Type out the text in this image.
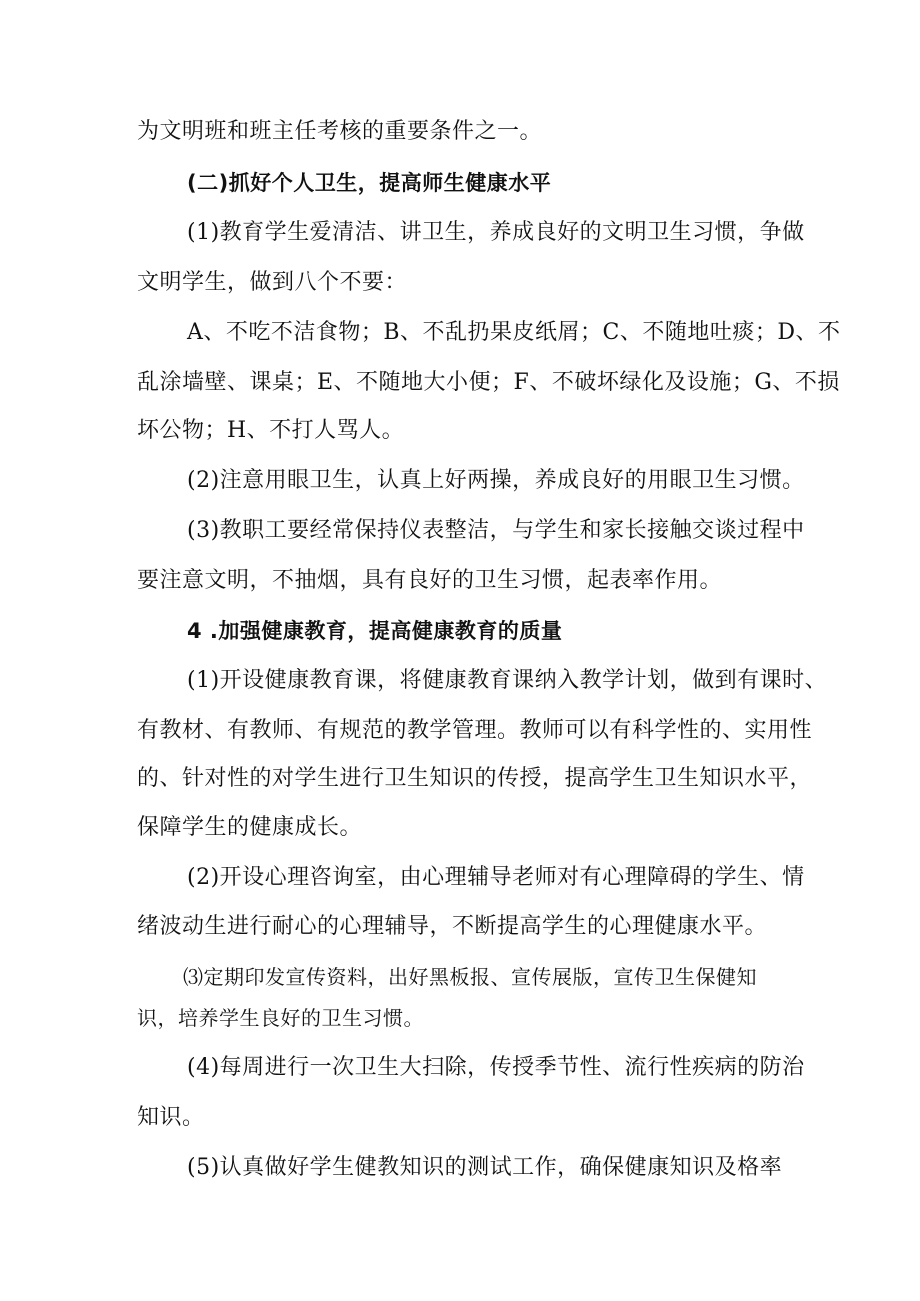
为文明班和班主任考核的重要条件之一。
(二)抓好个人卫生，提高师生健康水平
(1)教育学生爱清洁、讲卫生，养成良好的文明卫生习惯，争做
文明学生，做到八个不要：
A、不吃不洁食物；B、不乱扔果皮纸屑；C、不随地吐痰；D、不
乱涂墙壁、课桌；E、不随地大小便；F、不破坏绿化及设施；G、不损
坏公物；H、不打人骂人。
(2)注意用眼卫生，认真上好两操，养成良好的用眼卫生习惯。
(3)教职工要经常保持仪表整洁，与学生和家长接触交谈过程中
要注意文明，不抽烟，具有良好的卫生习惯，起表率作用。
4 .加强健康教育，提高健康教育的质量
(1)开设健康教育课，将健康教育课纳入教学计划，做到有课时、
有教材、有教师、有规范的教学管理。教师可以有科学性的、实用性
的、针对性的对学生进行卫生知识的传授，提高学生卫生知识水平，
保障学生的健康成长。
(2)开设心理咨询室，由心理辅导老师对有心理障碍的学生、情
绪波动生进行耐心的心理辅导，不断提高学生的心理健康水平。
⑶定期印发宣传资料，出好黑板报、宣传展版，宣传卫生保健知
识，培养学生良好的卫生习惯。
(4)每周进行一次卫生大扫除，传授季节性、流行性疾病的防治
知识。
(5)认真做好学生健教知识的测试工作，确保健康知识及格率
